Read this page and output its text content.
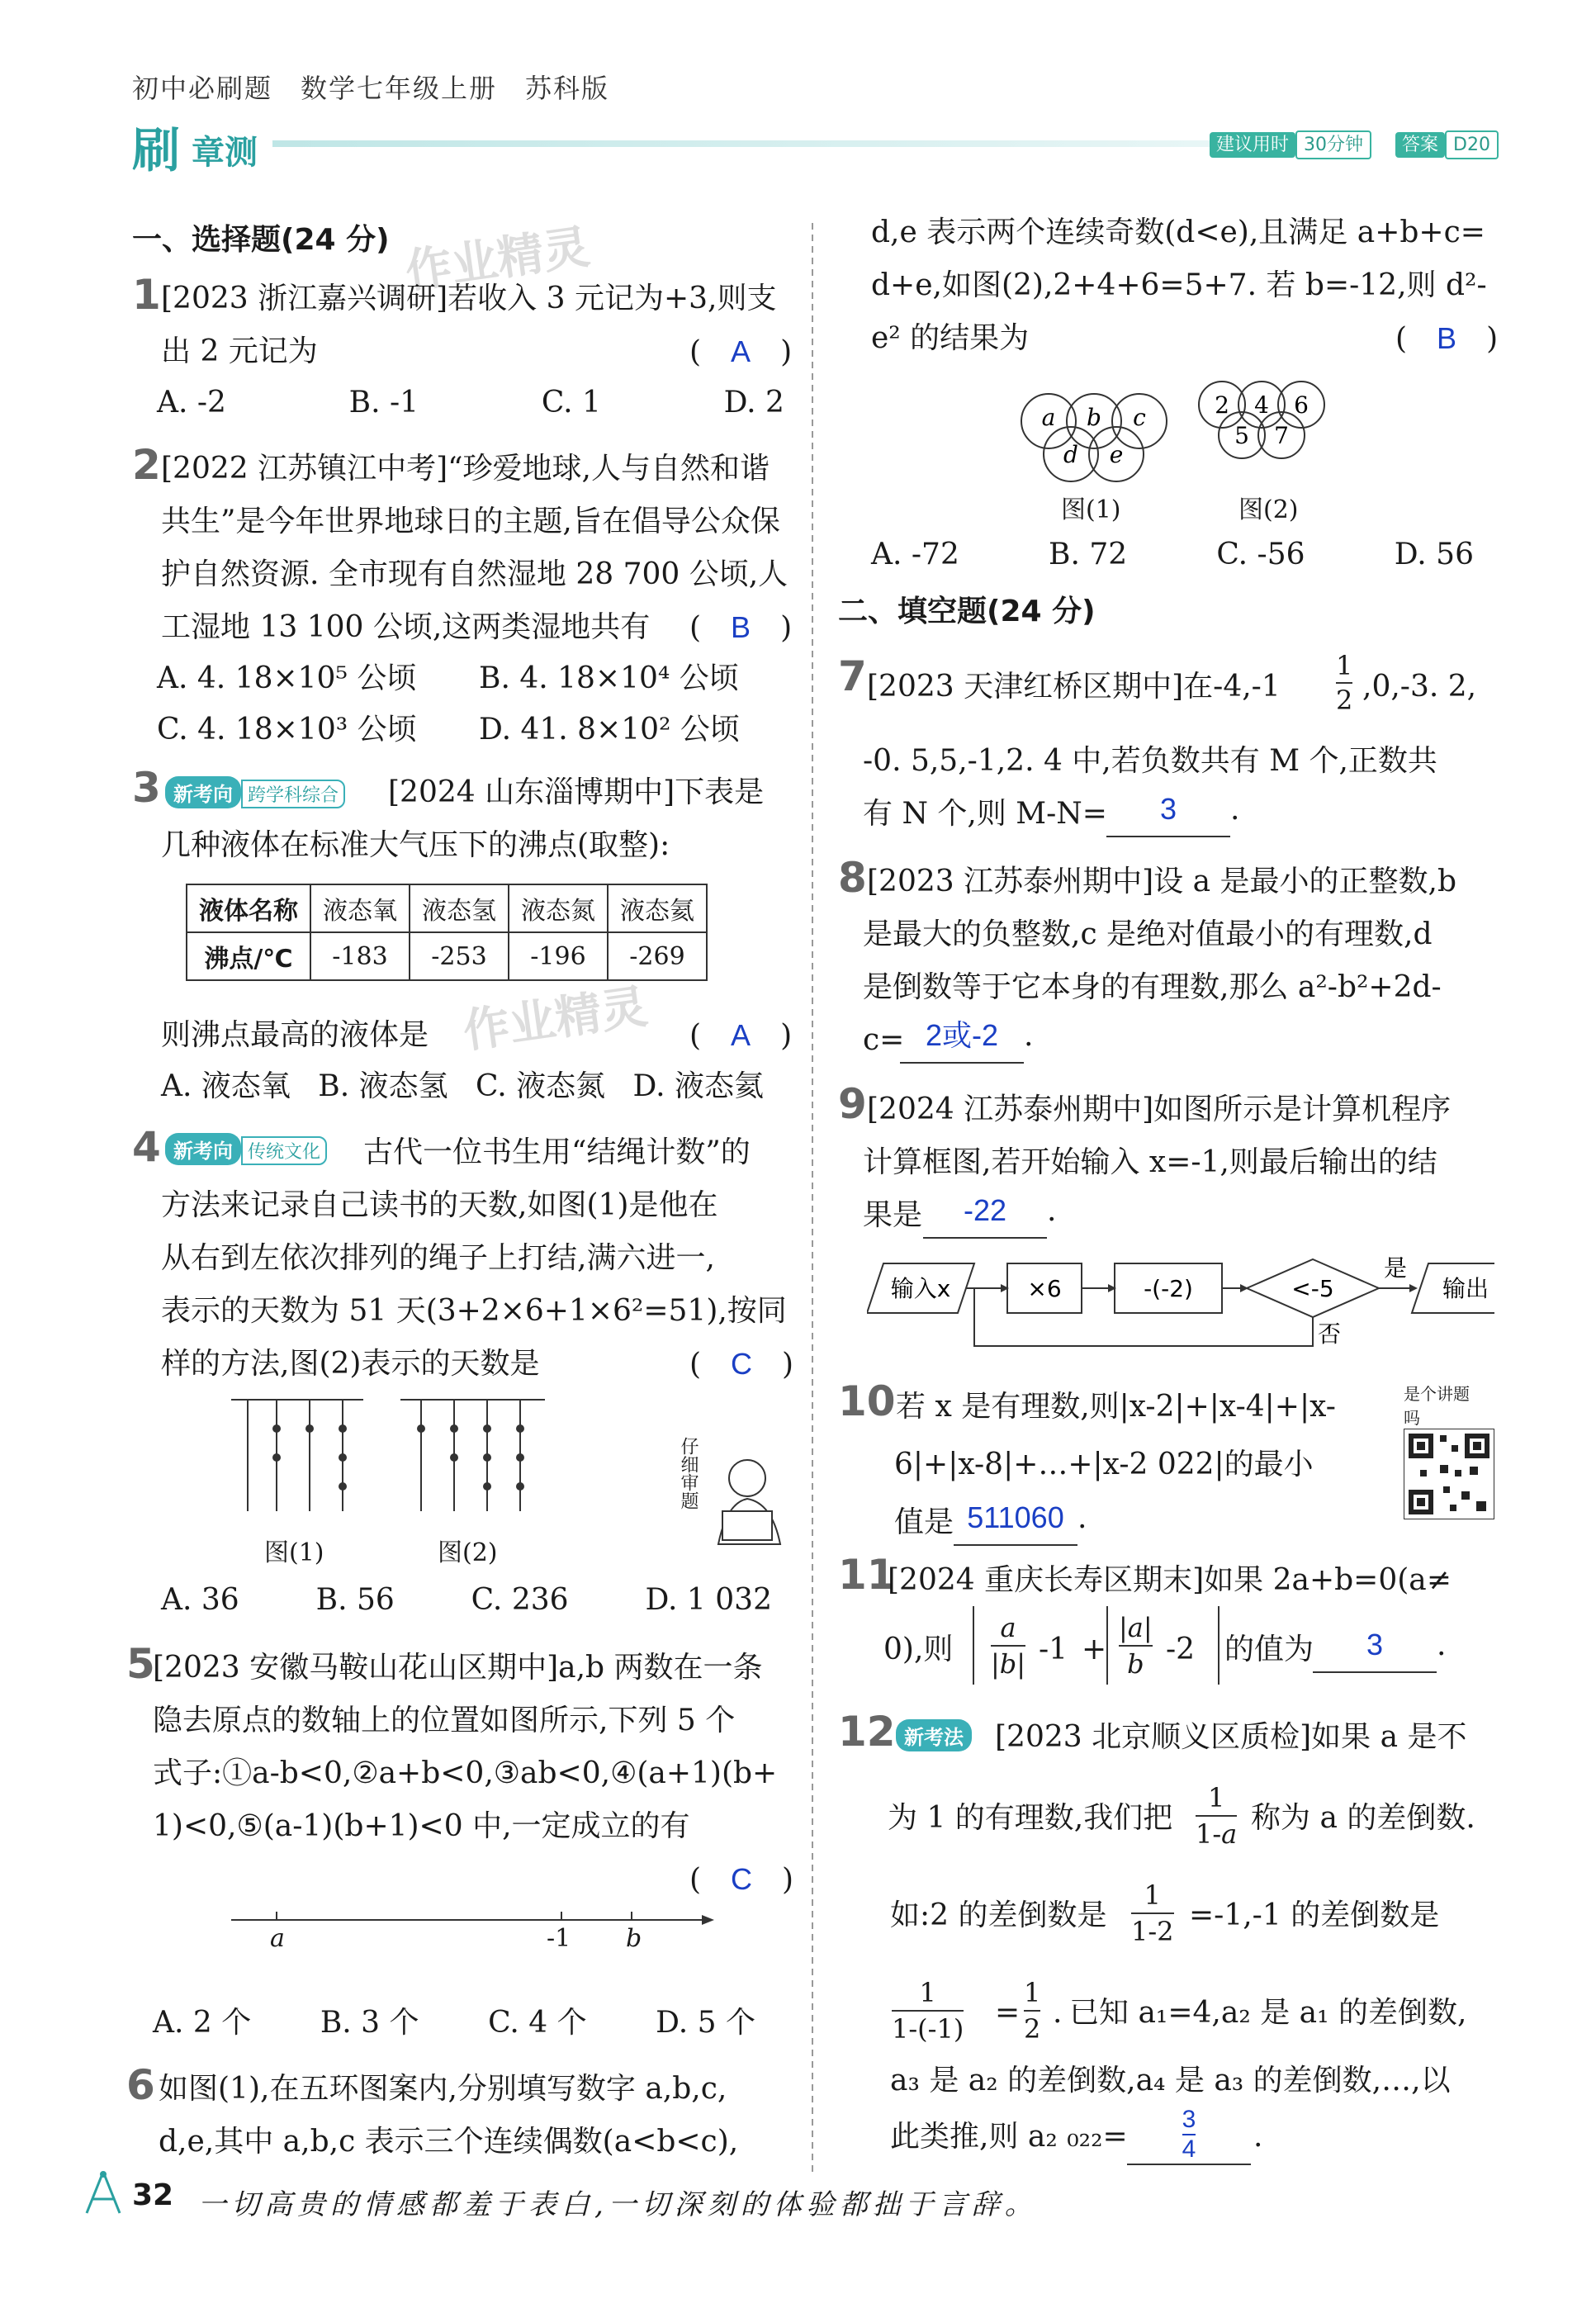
初中必刷题　数学七年级上册　苏科版
刷 章测	建议用时 30分钟	答案 D20
作业精灵
作业精灵
一、选择题(24 分)
1 [2023 浙江嘉兴调研]若收入 3 元记为+3,则支
出 2 元记为	(　A　)
A. -2	B. -1	C. 1	D. 2
2 [2022 江苏镇江中考]“珍爱地球,人与自然和谐
共生”是今年世界地球日的主题,旨在倡导公众保
护自然资源. 全市现有自然湿地 28 700 公顷,人
工湿地 13 100 公顷,这两类湿地共有 (　B　)
A. 4. 18×10⁵ 公顷 B. 4. 18×10⁴ 公顷
C. 4. 18×10³ 公顷 D. 41. 8×10² 公顷
3 新考向 跨学科综合 [2024 山东淄博期中]下表是
几种液体在标准大气压下的沸点(取整):
液体名称	液态氧	液态氢	液态氮	液态氦
沸点/℃	-183	-253	-196	-269
则沸点最高的液体是	(　A　)
A. 液态氧 B. 液态氢 C. 液态氮 D. 液态氦
4 新考向 传统文化 古代一位书生用“结绳计数”的
方法来记录自己读书的天数,如图(1)是他在
从右到左依次排列的绳子上打结,满六进一,
表示的天数为 51 天(3+2×6+1×6²=51),按同
样的方法,图(2)表示的天数是	(　C　)
图(1)	图(2)
仔细审题
A. 36	B. 56	C. 236	D. 1 032
5
[2023 安徽马鞍山花山区期中]a,b 两数在一条
隐去原点的数轴上的位置如图所示,下列 5 个
式子:①a-b<0,②a+b<0,③ab<0,④(a+1)(b+
1)<0,⑤(a-1)(b+1)<0 中,一定成立的有
(　C　)
a	-1 b
A. 2 个 B. 3 个 C. 4 个 D. 5 个
6 如图(1),在五环图案内,分别填写数字 a,b,c,
d,e,其中 a,b,c 表示三个连续偶数(a<b<c),
d,e 表示两个连续奇数(d<e),且满足 a+b+c=
d+e,如图(2),2+4+6=5+7. 若 b=-12,则 d²-
e² 的结果为	(　B　)
a b c
d e
2 4 6
5 7
图(1)	图(2)
A. -72	B. 72	C. -56	D. 56
二、填空题(24 分)
7 [2023 天津红桥区期中]在$-4,-1 \frac{1}{2} ,0,-3$. 2,
-0. 5,5,-1,2. 4 中,若负数共有 M 个,正数共
有 N 个,则 M-N=	3 .
8 [2023 江苏泰州期中]设 a 是最小的正整数,b
是最大的负整数,c 是绝对值最小的有理数,d
是倒数等于它本身的有理数,那么 a²-b²+2d-
c= 2或-2 .
9 [2024 江苏泰州期中]如图所示是计算机程序
计算框图,若开始输入 x=-1,则最后输出的结
果是	-22 .
输入x	×6	-(-2)	<-5
是
否
输出
10 若 x 是有理数,则|x-2|+|x-4|+|x-
6|+|x-8|+…+|x-2 022|的最小
值是 511060 .
是个讲题吗
11
[2024 重庆长寿区期末]如果 2a+b=0(a≠
0),则 $\frac{a}{|b|} -1 + \frac{|a|}{b} -2$ 的值为	3 .
12 新考法 [2023 北京顺义区质检]如果 a 是不
为 1 的有理数,我们把 $\frac{1}{1-a}$ 称为 a 的差倒数.
如:2 的差倒数是 $\frac{1}{1-2} =-1,-1$ 的差倒数是
$\frac{1}{1-(-1)} = \frac{1}{2}$ . 已知 a₁=4,a₂ 是 a₁ 的差倒数,
a₃ 是 a₂ 的差倒数,a₄ 是 a₃ 的差倒数,…,以
此类推,则 a₂ $_{022}= \frac{3}{4}$ .
32 一切高贵的情感都羞于表白,一切深刻的体验都拙于言辞。
